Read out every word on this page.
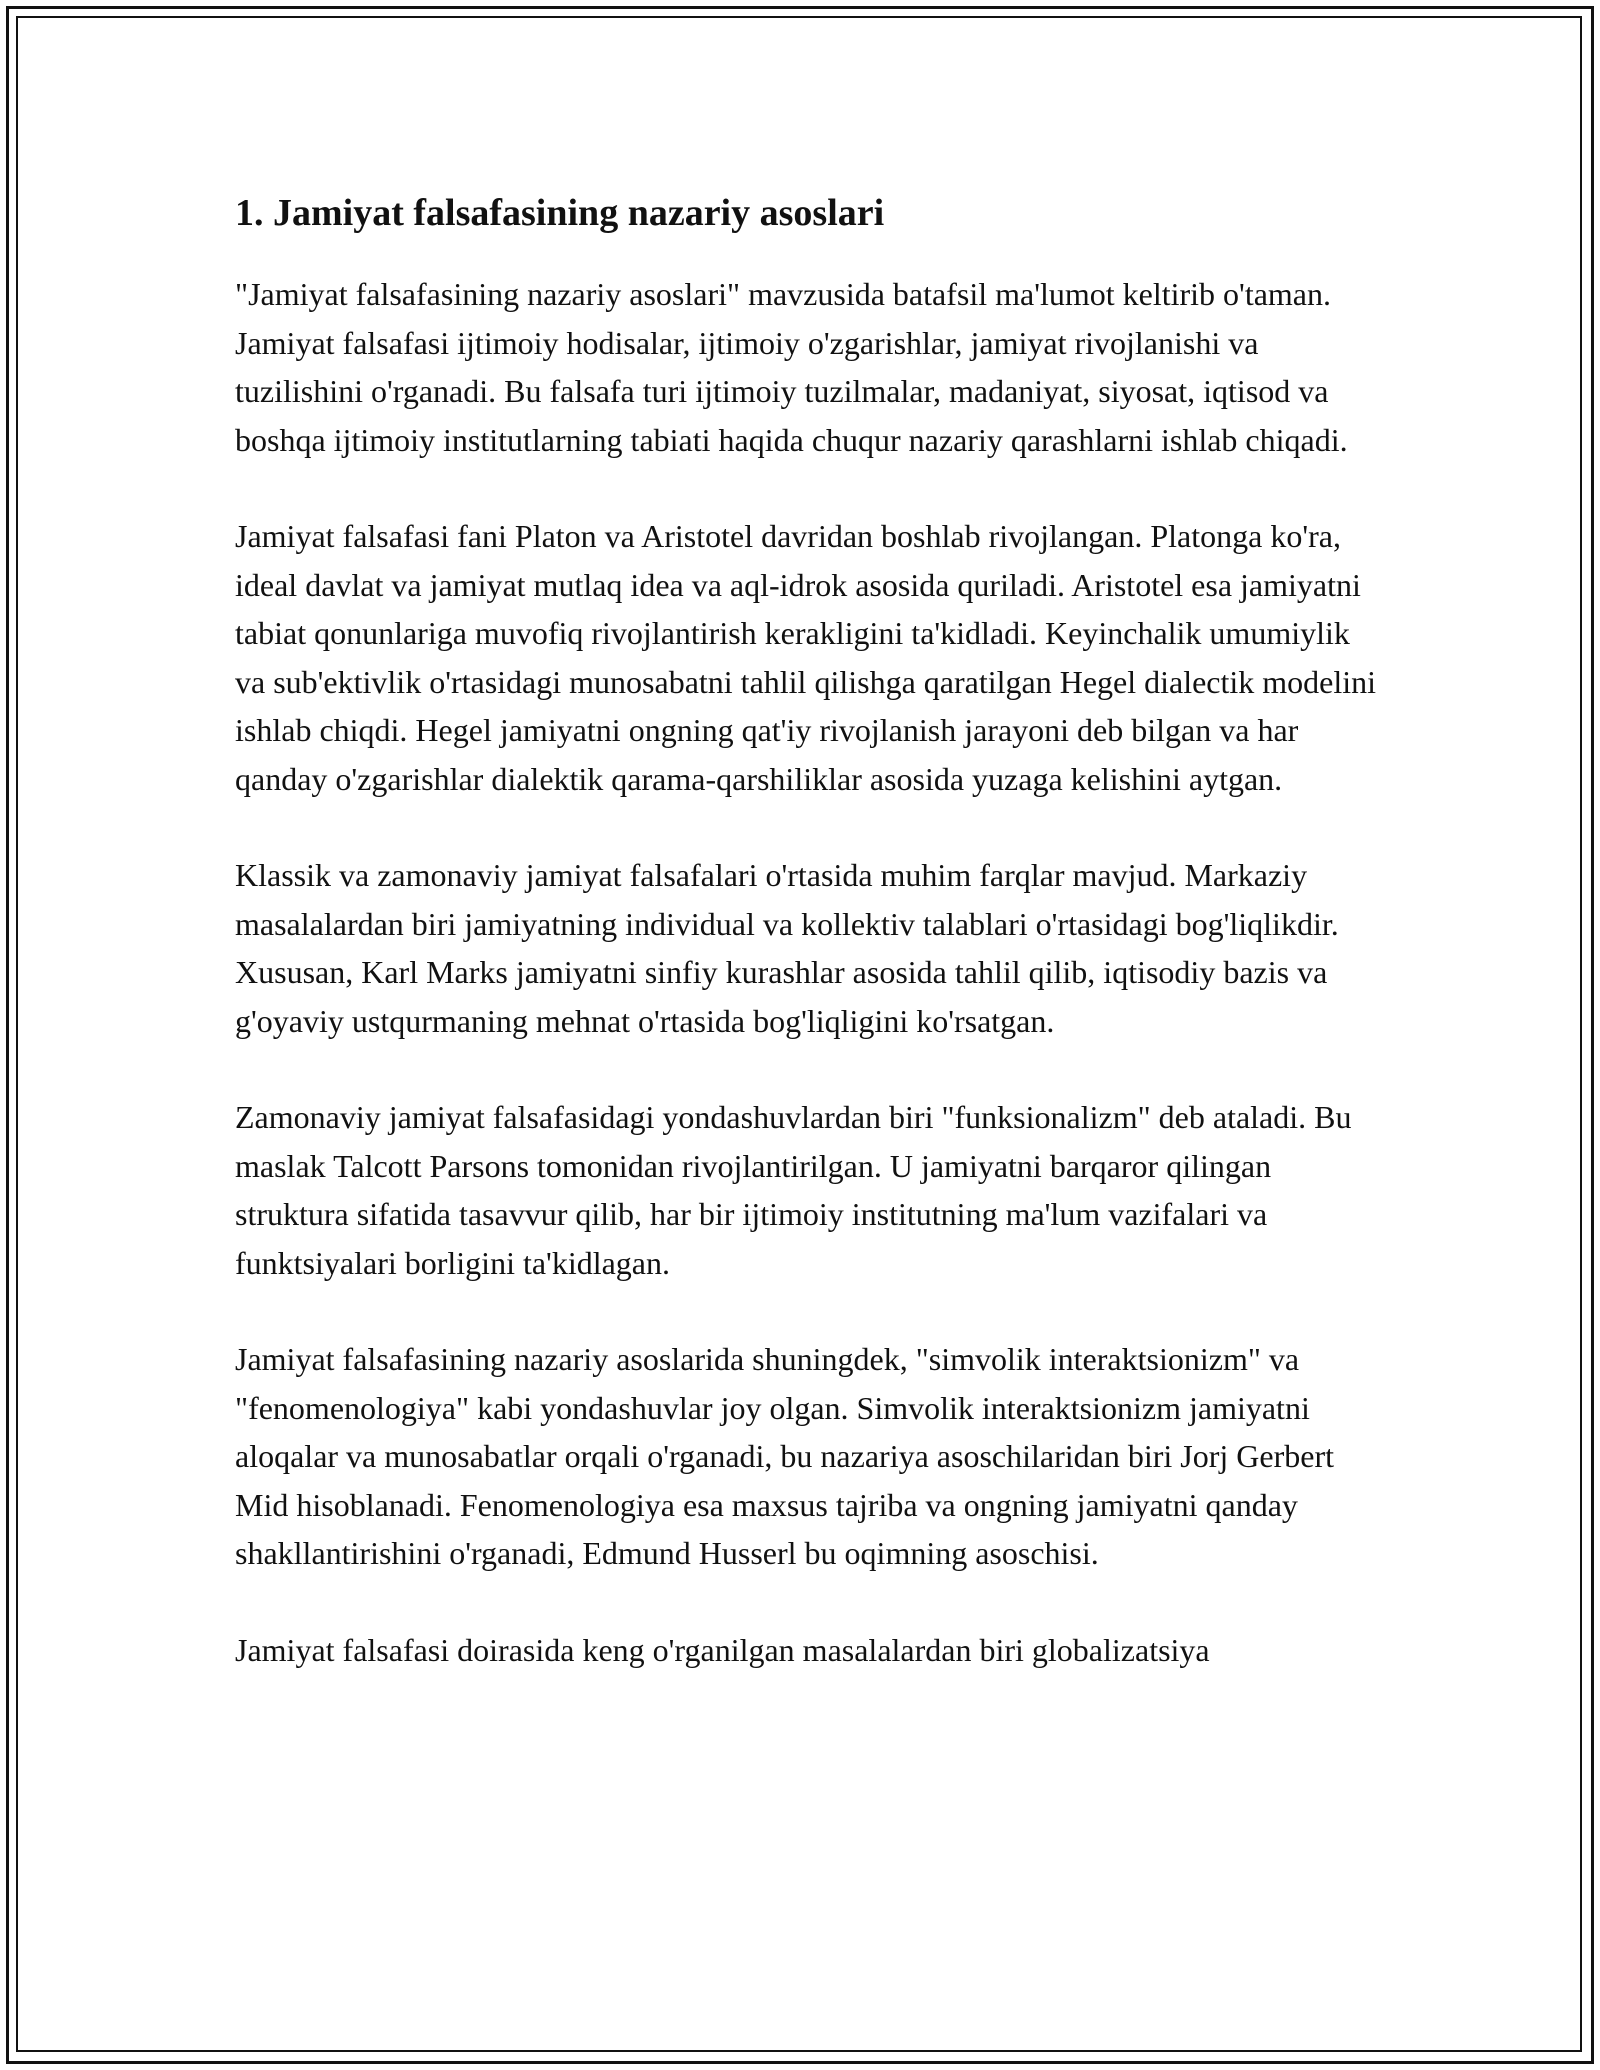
1. Jamiyat falsafasining nazariy asoslari

"Jamiyat falsafasining nazariy asoslari" mavzusida batafsil ma'lumot keltirib o'taman. Jamiyat falsafasi ijtimoiy hodisalar, ijtimoiy o'zgarishlar, jamiyat rivojlanishi va tuzilishini o'rganadi. Bu falsafa turi ijtimoiy tuzilmalar, madaniyat, siyosat, iqtisod va boshqa ijtimoiy institutlarning tabiati haqida chuqur nazariy qarashlarni ishlab chiqadi.

Jamiyat falsafasi fani Platon va Aristotel davridan boshlab rivojlangan. Platonga ko'ra, ideal davlat va jamiyat mutlaq idea va aql-idrok asosida quriladi. Aristotel esa jamiyatni tabiat qonunlariga muvofiq rivojlantirish kerakligini ta'kidladi. Keyinchalik umumiylik va sub'ektivlik o'rtasidagi munosabatni tahlil qilishga qaratilgan Hegel dialectik modelini ishlab chiqdi. Hegel jamiyatni ongning qat'iy rivojlanish jarayoni deb bilgan va har qanday o'zgarishlar dialektik qarama-qarshiliklar asosida yuzaga kelishini aytgan.

Klassik va zamonaviy jamiyat falsafalari o'rtasida muhim farqlar mavjud. Markaziy masalalardan biri jamiyatning individual va kollektiv talablari o'rtasidagi bog'liqlikdir. Xususan, Karl Marks jamiyatni sinfiy kurashlar asosida tahlil qilib, iqtisodiy bazis va g'oyaviy ustqurmaning mehnat o'rtasida bog'liqligini ko'rsatgan.

Zamonaviy jamiyat falsafasidagi yondashuvlardan biri "funksionalizm" deb ataladi. Bu maslak Talcott Parsons tomonidan rivojlantirilgan. U jamiyatni barqaror qilingan struktura sifatida tasavvur qilib, har bir ijtimoiy institutning ma'lum vazifalari va funktsiyalari borligini ta'kidlagan.

Jamiyat falsafasining nazariy asoslarida shuningdek, "simvolik interaktsionizm" va "fenomenologiya" kabi yondashuvlar joy olgan. Simvolik interaktsionizm jamiyatni aloqalar va munosabatlar orqali o'rganadi, bu nazariya asoschilaridan biri Jorj Gerbert Mid hisoblanadi. Fenomenologiya esa maxsus tajriba va ongning jamiyatni qanday shakllantirishini o'rganadi, Edmund Husserl bu oqimning asoschisi.

Jamiyat falsafasi doirasida keng o'rganilgan masalalardan biri globalizatsiya
